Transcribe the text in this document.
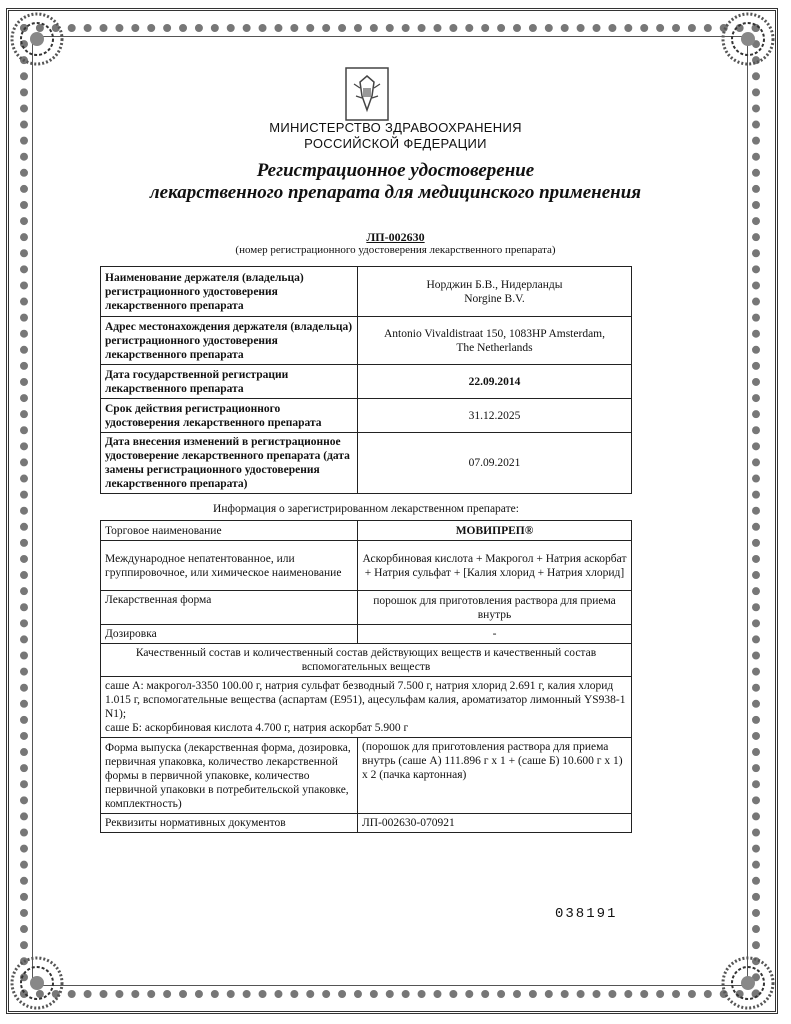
МИНИСТЕРСТВО ЗДРАВООХРАНЕНИЯ
РОССИЙСКОЙ ФЕДЕРАЦИИ
Регистрационное удостоверение
лекарственного препарата для медицинского применения
ЛП-002630
(номер регистрационного удостоверения лекарственного препарата)
Наименование держателя (владельца) регистрационного удостоверения лекарственного препарата	Норджин Б.В., Нидерланды
Norgine B.V.

Адрес местонахождения держателя (владельца) регистрационного удостоверения лекарственного препарата	Antonio Vivaldistraat 150, 1083HP Amsterdam,
The Netherlands

Дата государственной регистрации лекарственного препарата	22.09.2014
Срок действия регистрационного удостоверения лекарственного препарата	31.12.2025
Дата внесения изменений в регистрационное удостоверение лекарственного препарата (дата замены регистрационного удостоверения лекарственного препарата)	07.09.2021
Информация о зарегистрированном лекарственном препарате:
Торговое наименование	МОВИПРЕП®
Международное непатентованное, или группировочное, или химическое наименование	Аскорбиновая кислота + Макрогол + Натрия аскорбат + Натрия сульфат + [Калия хлорид + Натрия хлорид]
Лекарственная форма	порошок для приготовления раствора для приема внутрь
Дозировка	-
Качественный состав и количественный состав действующих веществ и качественный состав вспомогательных веществ	

саше А: макрогол-3350 100.00 г, натрия сульфат безводный 7.500 г, натрия хлорид 2.691 г, калия хлорид 1.015 г, вспомогательные вещества (аспартам (Е951), ацесульфам калия, ароматизатор лимонный YS938-1 N1);
саше Б: аскорбиновая кислота 4.700 г, натрия аскорбат 5.900 г	

Форма выпуска (лекарственная форма, дозировка, первичная упаковка, количество лекарственной формы в первичной упаковке, количество первичной упаковки в потребительской упаковке, комплектность)	(порошок для приготовления раствора для приема внутрь (саше А) 111.896 г x 1 + (саше Б) 10.600 г x 1) x 2 (пачка картонная)
Реквизиты нормативных документов	ЛП-002630-070921
038191
